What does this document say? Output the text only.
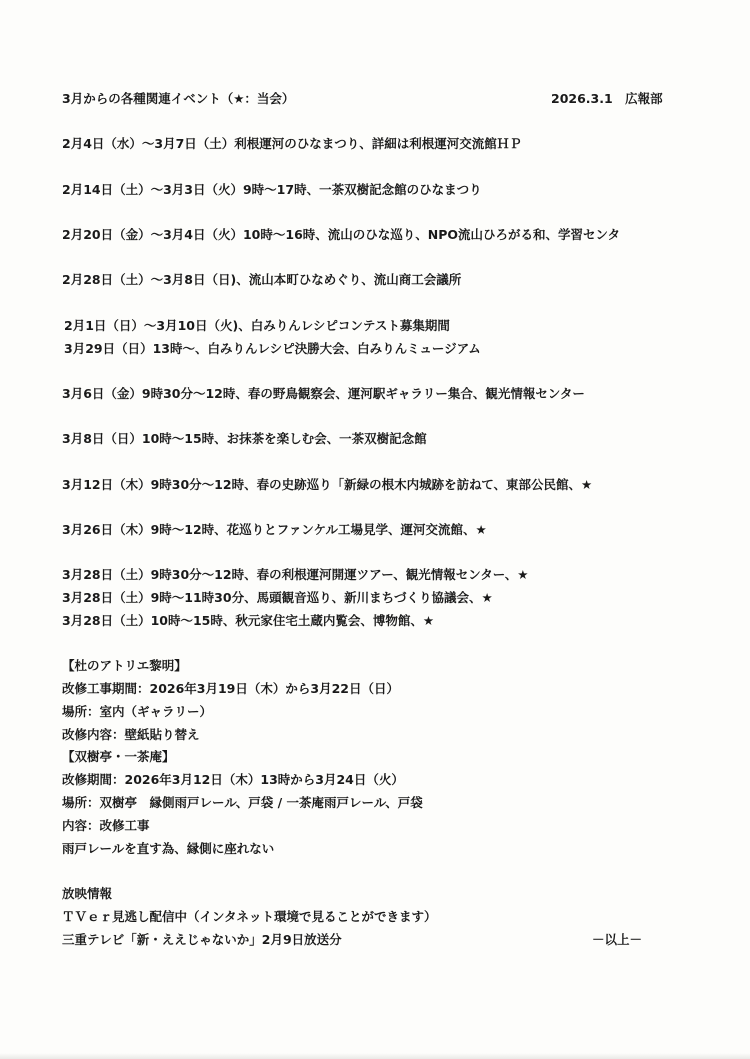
3月からの各種関連イベント（★：当会）	2026.3.1　広報部
2月4日（水）～3月7日（土）利根運河のひなまつり、詳細は利根運河交流館ＨＰ
2月14日（土）～3月3日（火）9時～17時、一茶双樹記念館のひなまつり
2月20日（金）～3月4日（火）10時～16時、流山のひな巡り、NPO流山ひろがる和、学習センタ
2月28日（土）～3月8日（日)、流山本町ひなめぐり、流山商工会議所
2月1日（日）～3月10日（火)、白みりんレシピコンテスト募集期間
3月29日（日）13時～、白みりんレシピ決勝大会、白みりんミュージアム
3月6日（金）9時30分～12時、春の野鳥観察会、運河駅ギャラリー集合、観光情報センター
3月8日（日）10時～15時、お抹茶を楽しむ会、一茶双樹記念館
3月12日（木）9時30分～12時、春の史跡巡り「新緑の根木内城跡を訪ねて、東部公民館、★
3月26日（木）9時～12時、花巡りとファンケル工場見学、運河交流館、★
3月28日（土）9時30分～12時、春の利根運河開運ツアー、観光情報センター、★
3月28日（土）9時～11時30分、馬頭観音巡り、新川まちづくり協議会、★
3月28日（土）10時～15時、秋元家住宅土蔵内覧会、博物館、★
【杜のアトリエ黎明】
改修工事期間：2026年3月19日（木）から3月22日（日）
場所：室内（ギャラリー）
改修内容：壁紙貼り替え
【双樹亭・一茶庵】
改修期間：2026年3月12日（木）13時から3月24日（火）
場所：双樹亭　縁側雨戸レール、戸袋 / 一茶庵雨戸レール、戸袋
内容：改修工事
雨戸レールを直す為、縁側に座れない
放映情報
ＴＶｅｒ見逃し配信中（インタネット環境で見ることができます）
三重テレビ「新・ええじゃないか」2月9日放送分	－以上－
